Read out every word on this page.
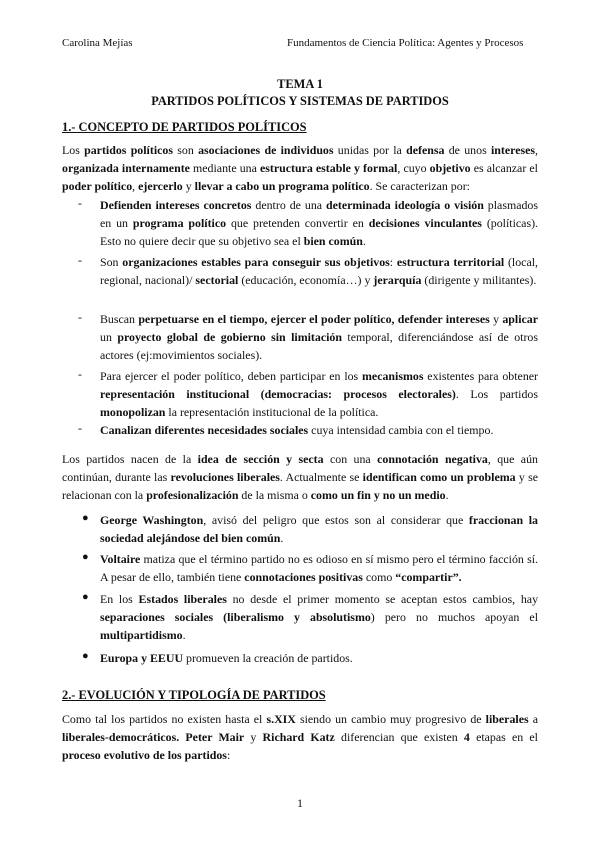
Carolina Mejías	Fundamentos de Ciencia Política: Agentes y Procesos
TEMA 1
PARTIDOS POLÍTICOS Y SISTEMAS DE PARTIDOS
1.- CONCEPTO DE PARTIDOS POLÍTICOS
Los partidos políticos son asociaciones de individuos unidas por la defensa de unos intereses, organizada internamente mediante una estructura estable y formal, cuyo objetivo es alcanzar el poder político, ejercerlo y llevar a cabo un programa político. Se caracterizan por:
- Defienden intereses concretos dentro de una determinada ideología o visión plasmados en un programa político que pretenden convertir en decisiones vinculantes (políticas). Esto no quiere decir que su objetivo sea el bien común.
- Son organizaciones estables para conseguir sus objetivos: estructura territorial (local, regional, nacional)/ sectorial (educación, economía…) y jerarquía (dirigente y militantes).
- Buscan perpetuarse en el tiempo, ejercer el poder político, defender intereses y aplicar un proyecto global de gobierno sin limitación temporal, diferenciándose así de otros actores (ej:movimientos sociales).
- Para ejercer el poder político, deben participar en los mecanismos existentes para obtener representación institucional (democracias: procesos electorales). Los partidos monopolizan la representación institucional de la política.
- Canalizan diferentes necesidades sociales cuya intensidad cambia con el tiempo.
Los partidos nacen de la idea de sección y secta con una connotación negativa, que aún continúan, durante las revoluciones liberales. Actualmente se identifican como un problema y se relacionan con la profesionalización de la misma o como un fin y no un medio.
● George Washington, avisó del peligro que estos son al considerar que fraccionan la sociedad alejándose del bien común.
● Voltaire matiza que el término partido no es odioso en sí mismo pero el término facción sí. A pesar de ello, también tiene connotaciones positivas como “compartir”.
● En los Estados liberales no desde el primer momento se aceptan estos cambios, hay separaciones sociales (liberalismo y absolutismo) pero no muchos apoyan el multipartidismo.
● Europa y EEUU promueven la creación de partidos.
2.- EVOLUCIÓN Y TIPOLOGÍA DE PARTIDOS
Como tal los partidos no existen hasta el s.XIX siendo un cambio muy progresivo de liberales a liberales-democráticos. Peter Mair y Richard Katz diferencian que existen 4 etapas en el proceso evolutivo de los partidos:
1
